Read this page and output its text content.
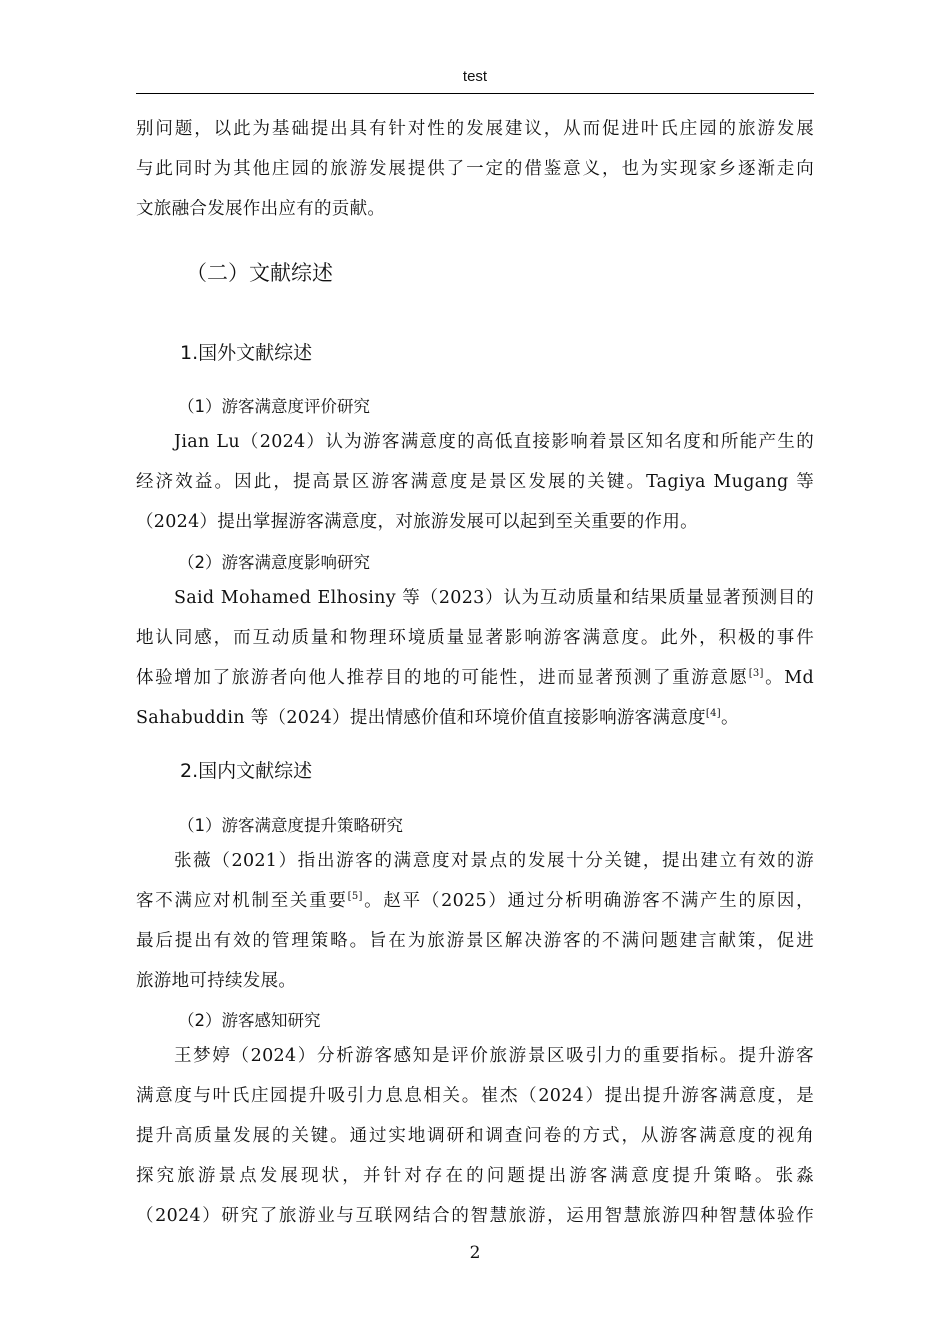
test
别问题，以此为基础提出具有针对性的发展建议，从而促进叶氏庄园的旅游发展
与此同时为其他庄园的旅游发展提供了一定的借鉴意义，也为实现家乡逐渐走向
文旅融合发展作出应有的贡献。
（二）文献综述
1.国外文献综述
（1）游客满意度评价研究
Jian Lu（2024）认为游客满意度的高低直接影响着景区知名度和所能产生的
经济效益。因此，提高景区游客满意度是景区发展的关键。Tagiya Mugang 等
（2024）提出掌握游客满意度，对旅游发展可以起到至关重要的作用。
（2）游客满意度影响研究
Said Mohamed Elhosiny 等（2023）认为互动质量和结果质量显著预测目的
地认同感，而互动质量和物理环境质量显著影响游客满意度。此外，积极的事件
体验增加了旅游者向他人推荐目的地的可能性，进而显著预测了重游意愿[3]。Md
Sahabuddin 等（2024）提出情感价值和环境价值直接影响游客满意度[4]。
2.国内文献综述
（1）游客满意度提升策略研究
张薇（2021）指出游客的满意度对景点的发展十分关键，提出建立有效的游
客不满应对机制至关重要[5]。赵平（2025）通过分析明确游客不满产生的原因，
最后提出有效的管理策略。旨在为旅游景区解决游客的不满问题建言献策，促进
旅游地可持续发展。
（2）游客感知研究
王梦婷（2024）分析游客感知是评价旅游景区吸引力的重要指标。提升游客
满意度与叶氏庄园提升吸引力息息相关。崔杰（2024）提出提升游客满意度，是
提升高质量发展的关键。通过实地调研和调查问卷的方式，从游客满意度的视角
探究旅游景点发展现状，并针对存在的问题提出游客满意度提升策略。张淼
（2024）研究了旅游业与互联网结合的智慧旅游，运用智慧旅游四种智慧体验作
2
